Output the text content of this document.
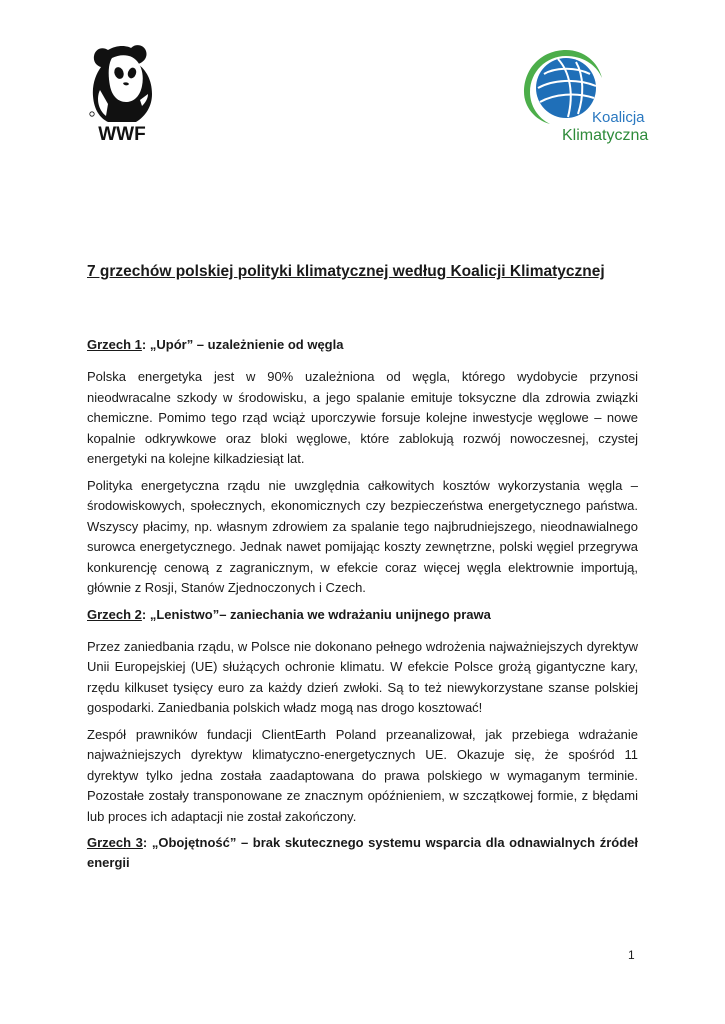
WWF
Koalicja
Klimatyczna
7 grzechów polskiej polityki klimatycznej według Koalicji Klimatycznej

Grzech 1: „Upór” – uzależnienie od węgla

Polska energetyka jest w 90% uzależniona od węgla, którego wydobycie przynosi nieodwracalne szkody w środowisku, a jego spalanie emituje toksyczne dla zdrowia związki chemiczne. Pomimo tego rząd wciąż uporczywie forsuje kolejne inwestycje węglowe – nowe kopalnie odkrywkowe oraz bloki węglowe, które zablokują rozwój nowoczesnej, czystej energetyki na kolejne kilkadziesiąt lat.

Polityka energetyczna rządu nie uwzględnia całkowitych kosztów wykorzystania węgla – środowiskowych, społecznych, ekonomicznych czy bezpieczeństwa energetycznego państwa. Wszyscy płacimy, np. własnym zdrowiem za spalanie tego najbrudniejszego, nieodnawialnego surowca energetycznego. Jednak nawet pomijając koszty zewnętrzne, polski węgiel przegrywa konkurencję cenową z zagranicznym, w efekcie coraz więcej węgla elektrownie importują, głównie z Rosji, Stanów Zjednoczonych i Czech.

Grzech 2: „Lenistwo”– zaniechania we wdrażaniu unijnego prawa

Przez zaniedbania rządu, w Polsce nie dokonano pełnego wdrożenia najważniejszych dyrektyw Unii Europejskiej (UE) służących ochronie klimatu. W efekcie Polsce grożą gigantyczne kary, rzędu kilkuset tysięcy euro za każdy dzień zwłoki. Są to też niewykorzystane szanse polskiej gospodarki. Zaniedbania polskich władz mogą nas drogo kosztować!

Zespół prawników fundacji ClientEarth Poland przeanalizował, jak przebiega wdrażanie najważniejszych dyrektyw klimatyczno-energetycznych UE. Okazuje się, że spośród 11 dyrektyw tylko jedna została zaadaptowana do prawa polskiego w wymaganym terminie. Pozostałe zostały transponowane ze znacznym opóźnieniem, w szczątkowej formie, z błędami lub proces ich adaptacji nie został zakończony.

Grzech 3: „Obojętność” – brak skutecznego systemu wsparcia dla odnawialnych źródeł energii

1
